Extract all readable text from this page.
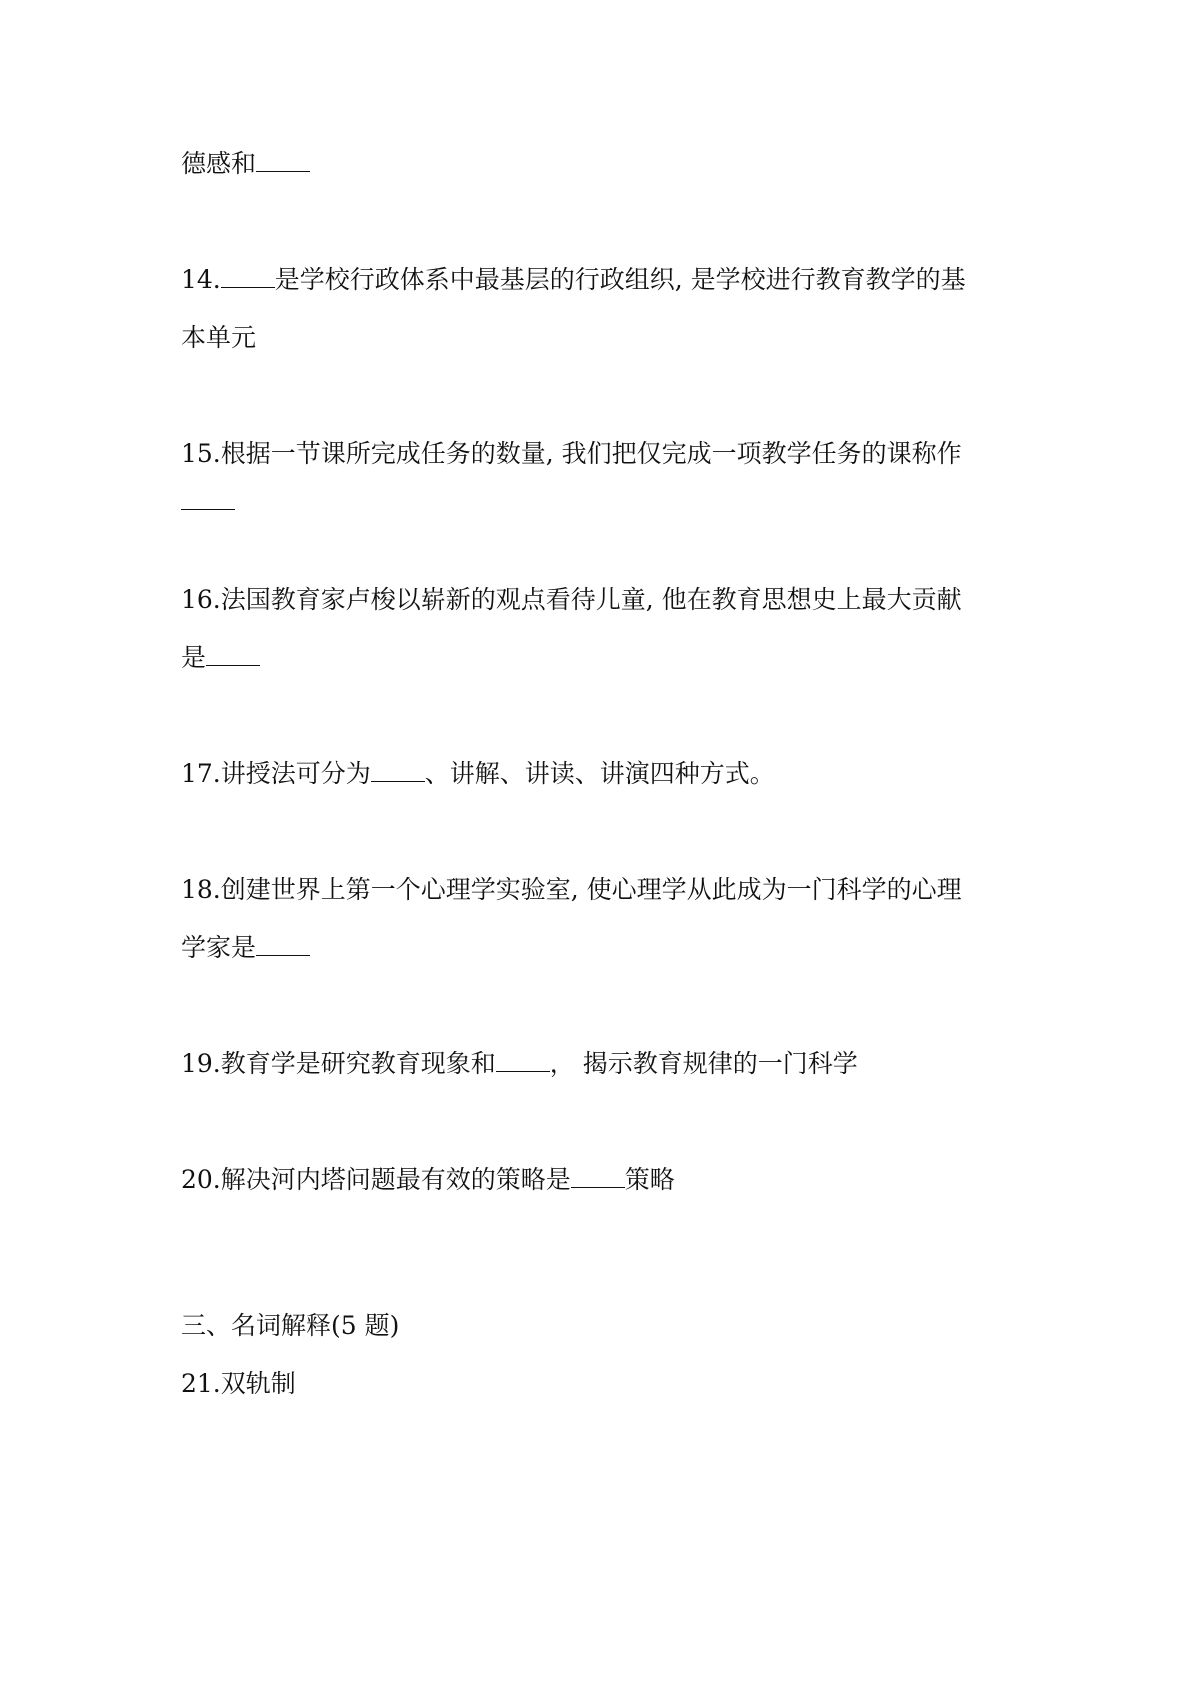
德感和
14. 是学校行政体系中最基层的行政组织, 是学校进行教育教学的基
本单元
15.根据一节课所完成任务的数量, 我们把仅完成一项教学任务的课称作
16.法国教育家卢梭以崭新的观点看待儿童, 他在教育思想史上最大贡献
是
17.讲授法可分为 、讲解、讲读、讲演四种方式。
18.创建世界上第一个心理学实验室, 使心理学从此成为一门科学的心理
学家是
19.教育学是研究教育现象和 ， 揭示教育规律的一门科学
20.解决河内塔问题最有效的策略是 策略
三、名词解释(5 题)
21.双轨制
